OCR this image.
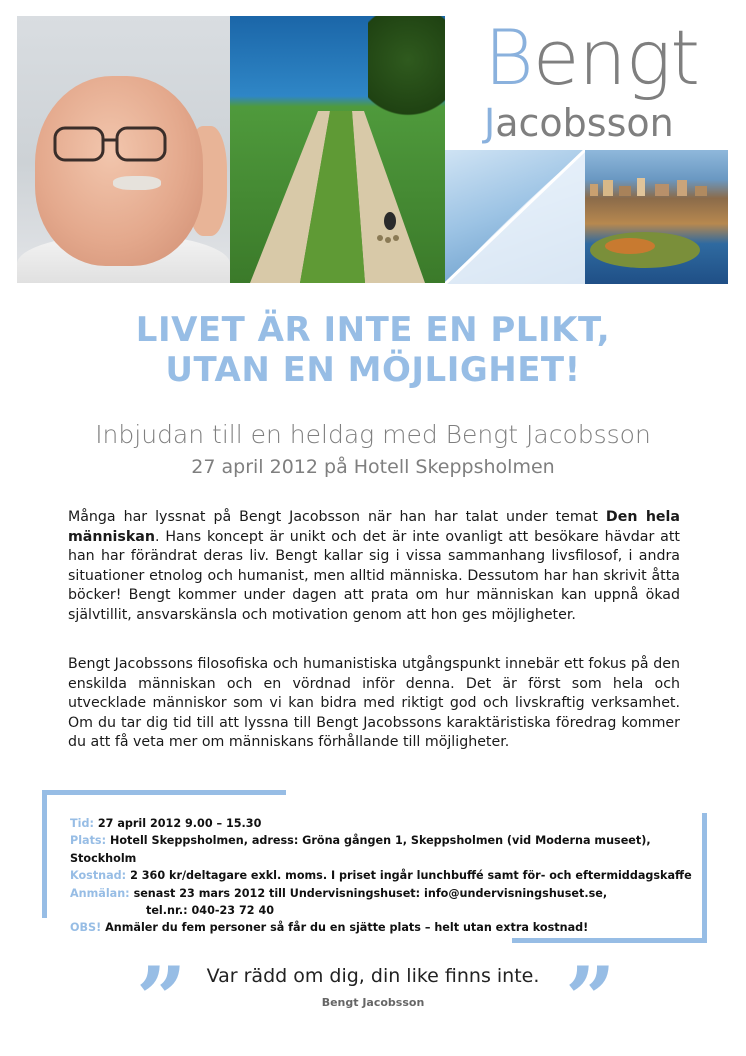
Bengt
Jacobsson
LIVET ÄR INTE EN PLIKT,
UTAN EN MÖJLIGHET!
Inbjudan till en heldag med Bengt Jacobsson
27 april 2012 på Hotell Skeppsholmen
Många har lyssnat på Bengt Jacobsson när han har talat under temat Den hela människan. Hans koncept är unikt och det är inte ovanligt att besökare hävdar att han har förändrat deras liv. Bengt kallar sig i vissa sammanhang livsfilosof, i andra situationer etnolog och humanist, men alltid människa. Dessutom har han skrivit åtta böcker! Bengt kommer under dagen att prata om hur människan kan uppnå ökad självtillit, ansvarskänsla och motivation genom att hon ges möjligheter.
Bengt Jacobssons filosofiska och humanistiska utgångspunkt innebär ett fokus på den enskilda människan och en vördnad inför denna. Det är först som hela och utvecklade människor som vi kan bidra med riktigt god och livskraftig verksamhet. Om du tar dig tid till att lyssna till Bengt Jacobssons karaktäristiska föredrag kommer du att få veta mer om människans förhållande till möjligheter.
Tid: 27 april 2012 9.00 – 15.30
Plats: Hotell Skeppsholmen, adress: Gröna gången 1, Skeppsholmen (vid Moderna museet), Stockholm
Kostnad: 2 360 kr/deltagare exkl. moms. I priset ingår lunchbuffé samt för- och eftermiddagskaffe
Anmälan: senast 23 mars 2012 till Undervisningshuset: info@undervisningshuset.se,
tel.nr.: 040-23 72 40
OBS! Anmäler du fem personer så får du en sjätte plats – helt utan extra kostnad!
”	Var rädd om dig, din like finns inte. ”
Bengt Jacobsson
